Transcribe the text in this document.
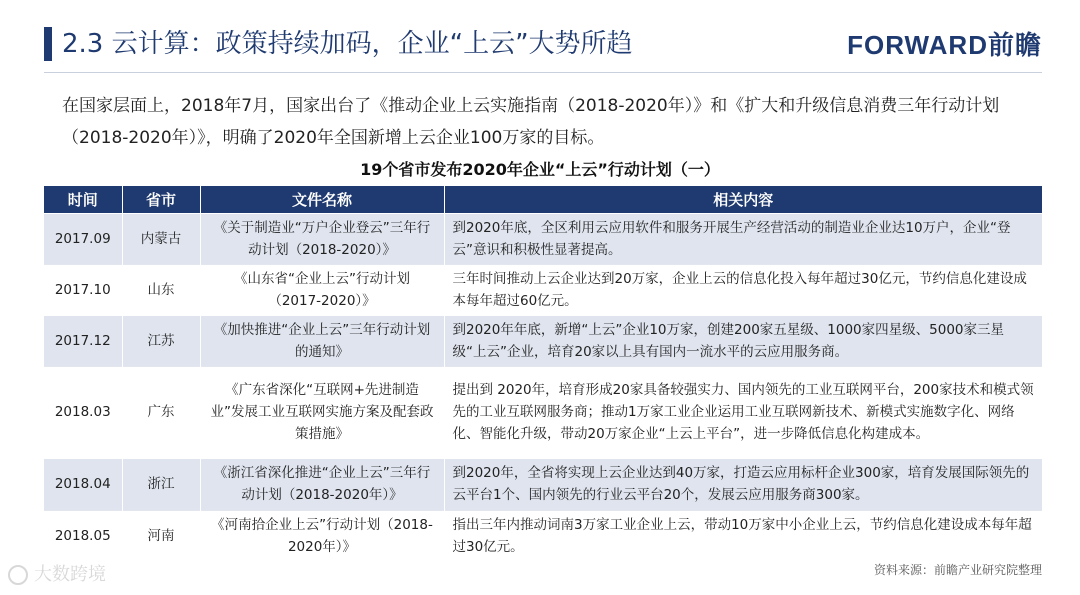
2.3 云计算：政策持续加码，企业“上云”大势所趋	FORWARD前瞻
在国家层面上，2018年7月，国家出台了《推动企业上云实施指南（2018-2020年）》和《扩大和升级信息消费三年行动计划（2018-2020年）》，明确了2020年全国新增上云企业100万家的目标。
19个省市发布2020年企业“上云”行动计划（一）
时间	省市	文件名称	相关内容
2017.09	内蒙古	《关于制造业“万户企业登云”三年行动计划（2018-2020）》	到2020年底，全区利用云应用软件和服务开展生产经营活动的制造业企业达10万户，企业“登云”意识和积极性显著提高。
2017.10	山东	《山东省“企业上云”行动计划（2017-2020）》	三年时间推动上云企业达到20万家，企业上云的信息化投入每年超过30亿元，节约信息化建设成本每年超过60亿元。
2017.12	江苏	《加快推进“企业上云”三年行动计划的通知》	到2020年年底，新增“上云”企业10万家，创建200家五星级、1000家四星级、5000家三星级“上云”企业，培育20家以上具有国内一流水平的云应用服务商。
2018.03	广东	《广东省深化“互联网+先进制造业”发展工业互联网实施方案及配套政策措施》	提出到 2020年，培育形成20家具备较强实力、国内领先的工业互联网平台，200家技术和模式领先的工业互联网服务商；推动1万家工业企业运用工业互联网新技术、新模式实施数字化、网络化、智能化升级，带动20万家企业“上云上平台”，进一步降低信息化构建成本。
2018.04	浙江	《浙江省深化推进“企业上云”三年行动计划（2018-2020年）》	到2020年，全省将实现上云企业达到40万家，打造云应用标杆企业300家，培育发展国际领先的云平台1个、国内领先的行业云平台20个，发展云应用服务商300家。
2018.05	河南	《河南拾企业上云”行动计划（2018-2020年）》	指出三年内推动词南3万家工业企业上云，带动10万家中小企业上云，节约信息化建设成本每年超过30亿元。
大数跨境	资料来源：前瞻产业研究院整理
